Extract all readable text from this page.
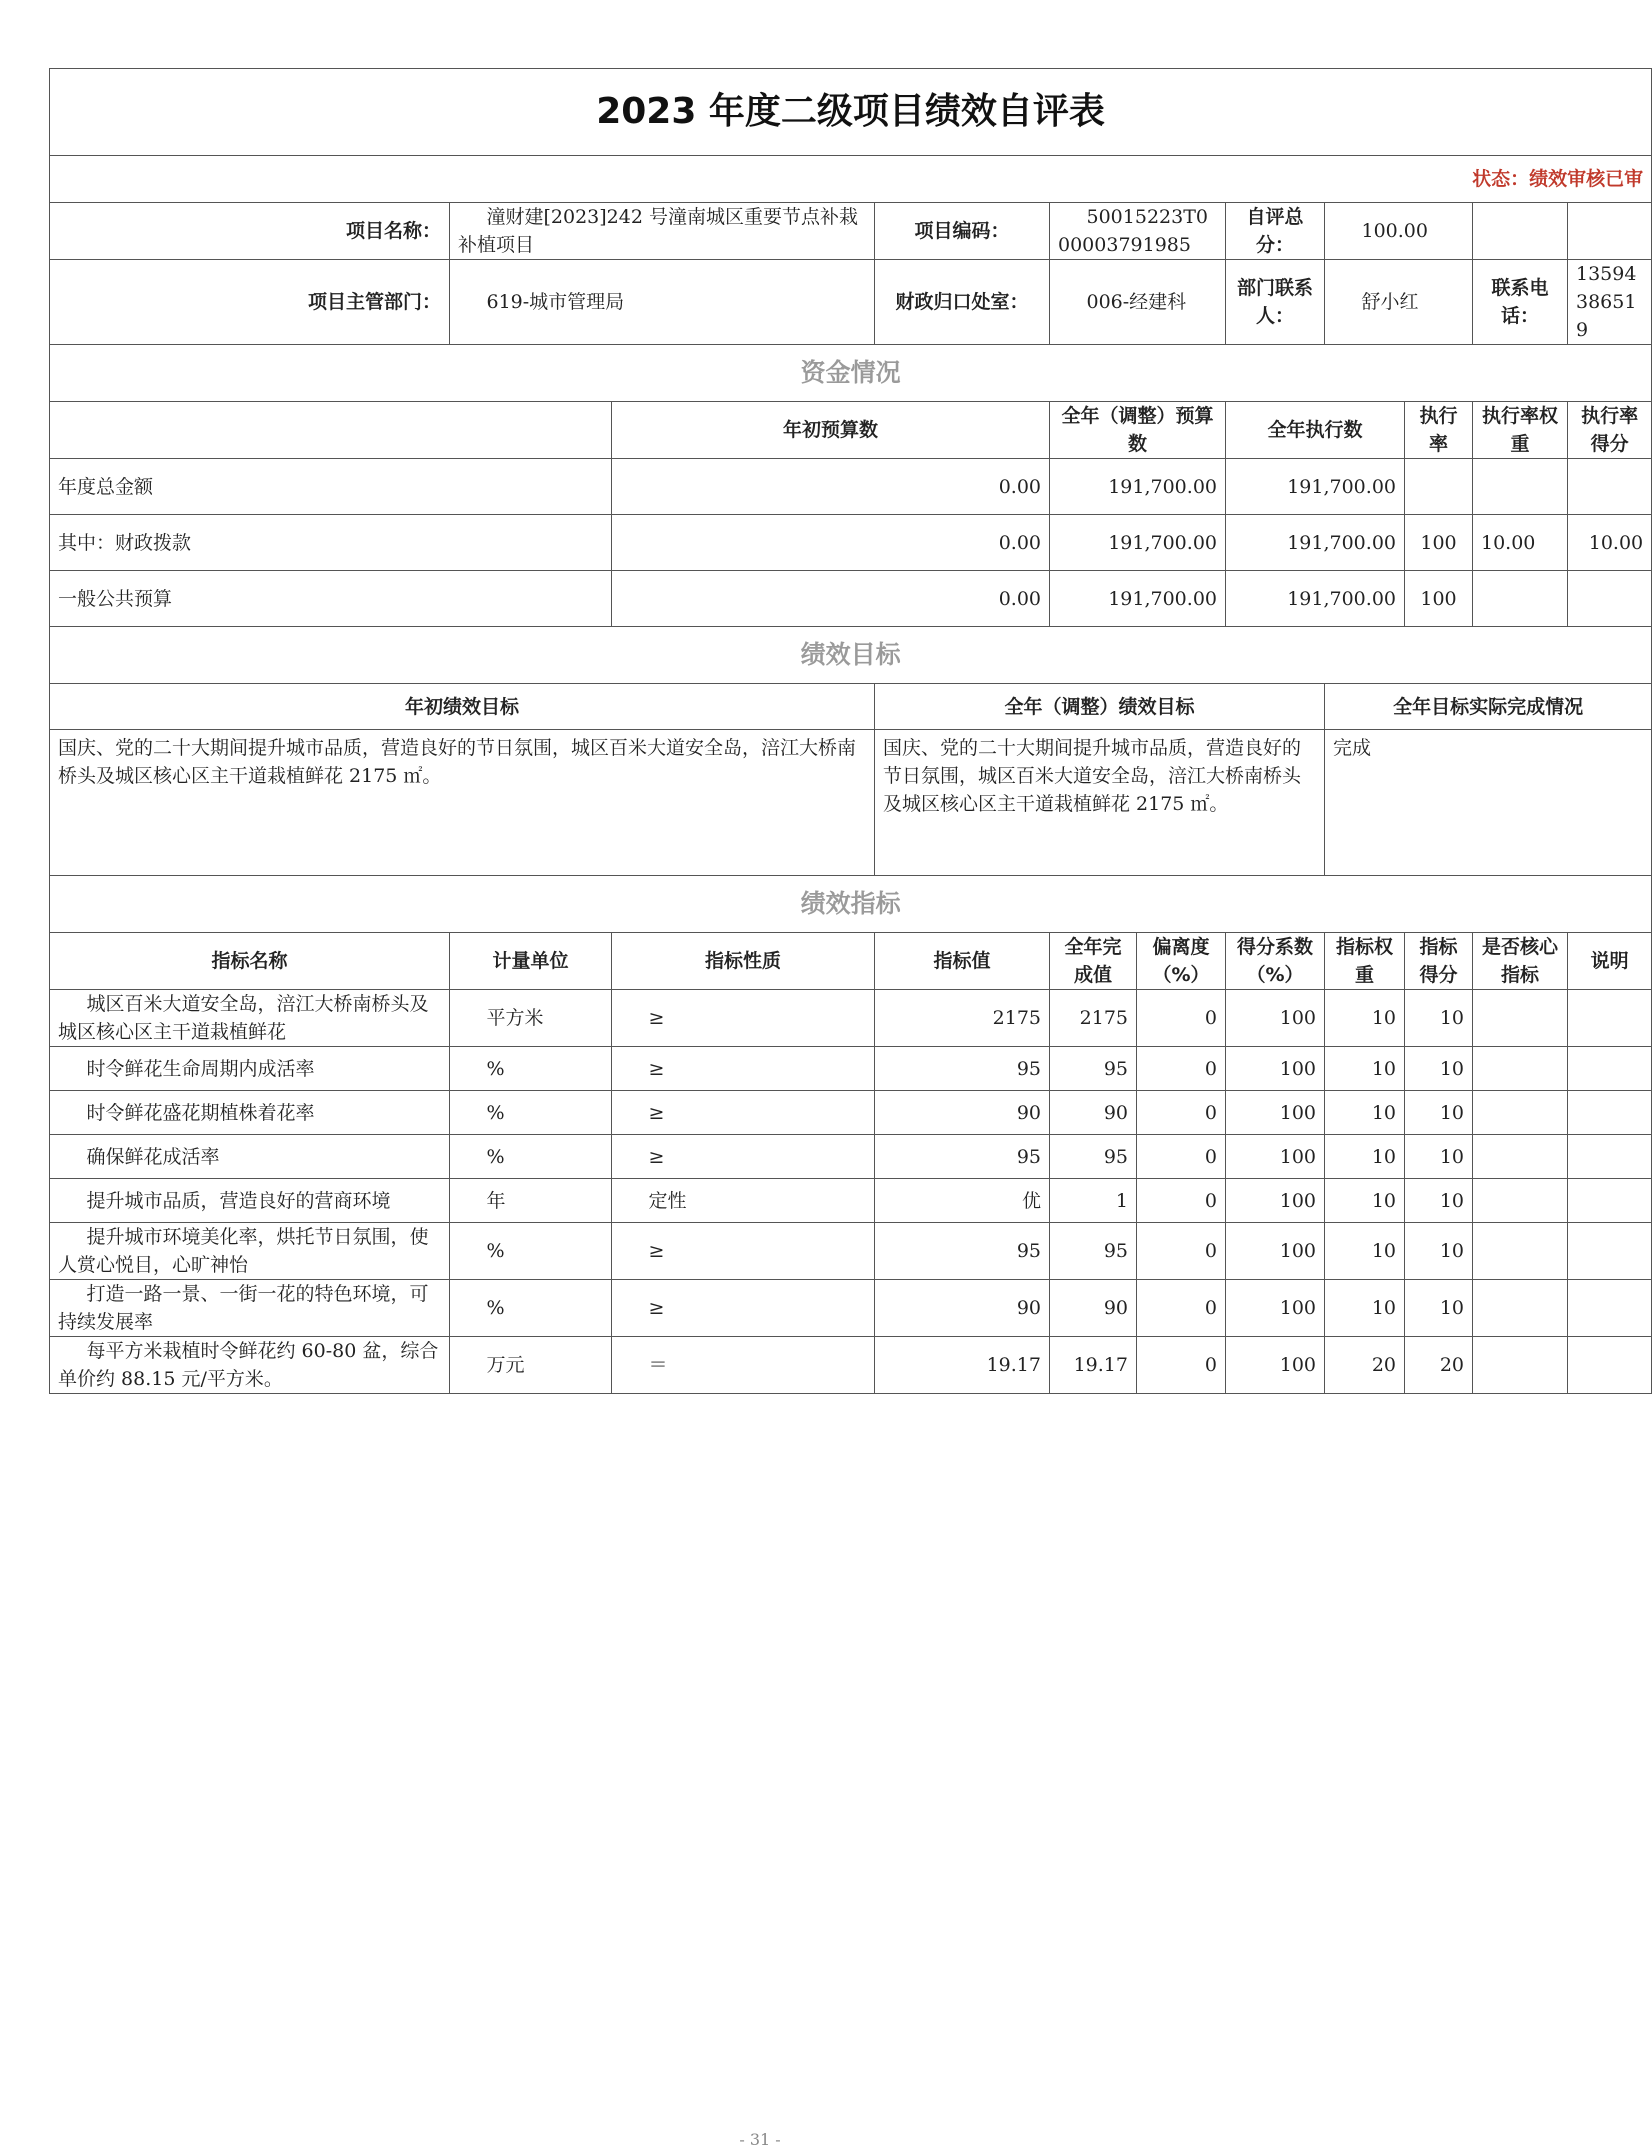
2023 年度二级项目绩效自评表										
状态：绩效审核已审										
项目名称：	潼财建[2023]242 号潼南城区重要节点补栽补植项目		项目编码：	50015223T000003791985		自评总分：	100.00			
项目主管部门：	619-城市管理局		财政归口处室：	006-经建科		部门联系人：	舒小红		联系电话：	13594386519
资金情况										
		年初预算数		全年（调整）预算数		全年执行数		执行率	执行率权重	执行率得分
年度总金额		0.00		191,700.00		191,700.00				
其中：财政拨款		0.00		191,700.00		191,700.00		100	10.00	10.00
一般公共预算		0.00		191,700.00		191,700.00		100		
绩效目标										
年初绩效目标			全年（调整）绩效目标				全年目标实际完成情况			
国庆、党的二十大期间提升城市品质，营造良好的节日氛围，城区百米大道安全岛，涪江大桥南桥头及城区核心区主干道栽植鲜花 2175 ㎡。			国庆、党的二十大期间提升城市品质，营造良好的节日氛围，城区百米大道安全岛，涪江大桥南桥头及城区核心区主干道栽植鲜花 2175 ㎡。				完成			
绩效指标										
指标名称	计量单位	指标性质	指标值	全年完成值	偏离度（%）	得分系数（%）	指标权重	指标得分	是否核心指标	说明
城区百米大道安全岛，涪江大桥南桥头及城区核心区主干道栽植鲜花	平方米	≥	2175	2175	0	100	10	10		
时令鲜花生命周期内成活率	%	≥	95	95	0	100	10	10		
时令鲜花盛花期植株着花率	%	≥	90	90	0	100	10	10		
确保鲜花成活率	%	≥	95	95	0	100	10	10		
提升城市品质，营造良好的营商环境	年	定性	优	1	0	100	10	10		
提升城市环境美化率，烘托节日氛围，使人赏心悦目，心旷神怡	%	≥	95	95	0	100	10	10		
打造一路一景、一街一花的特色环境，可持续发展率	%	≥	90	90	0	100	10	10		
每平方米栽植时令鲜花约 60-80 盆，综合单价约 88.15 元/平方米。	万元	＝	19.17	19.17	0	100	20	20		
- 31 -
